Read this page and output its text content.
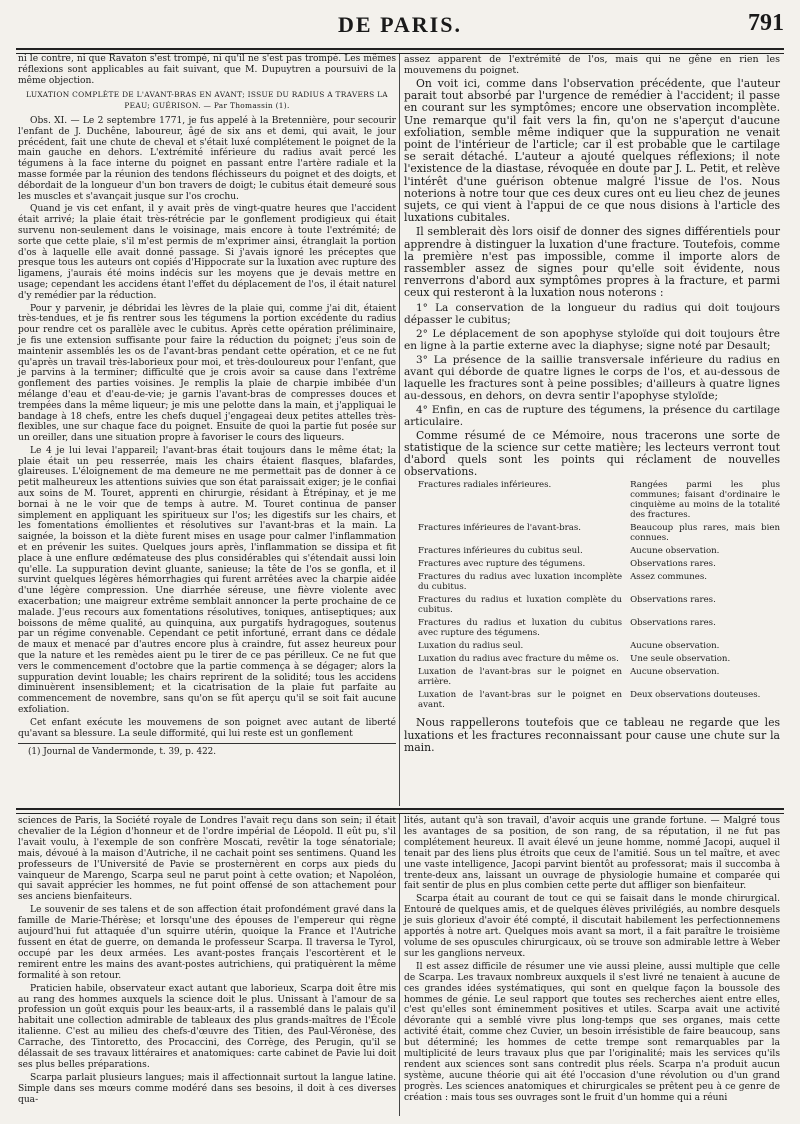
DE PARIS.	791

ni le contre, ni que Ravaton s'est trompé, ni qu'il ne s'est pas trompé. Les mêmes réflexions sont applicables au fait suivant, que M. Dupuytren a poursuivi de la même objection.

LUXATION COMPLÈTE DE L'AVANT-BRAS EN AVANT; ISSUE DU RADIUS A TRAVERS LA PEAU; GUÉRISON. — Par Thomassin (1).

Obs. XI. — Le 2 septembre 1771, je fus appelé à la Bretennière, pour secourir l'enfant de J. Duchêne, laboureur, âgé de six ans et demi, qui avait, le jour précédent, fait une chute de cheval et s'était luxé complétement le poignet de la main gauche en dehors. L'extrémité inférieure du radius avait percé les tégumens à la face interne du poignet en passant entre l'artère radiale et la masse formée par la réunion des tendons fléchisseurs du poignet et des doigts, et débordait de la longueur d'un bon travers de doigt; le cubitus était demeuré sous les muscles et s'avançait jusque sur l'os crochu.

Quand je vis cet enfant, il y avait près de vingt-quatre heures que l'accident était arrivé; la plaie était très-rétrécie par le gonflement prodigieux qui était survenu non-seulement dans le voisinage, mais encore à toute l'extrémité; de sorte que cette plaie, s'il m'est permis de m'exprimer ainsi, étranglait la portion d'os à laquelle elle avait donné passage. Si j'avais ignoré les préceptes que presque tous les auteurs ont copiés d'Hippocrate sur la luxation avec rupture des ligamens, j'aurais été moins indécis sur les moyens que je devais mettre en usage; cependant les accidens étant l'effet du déplacement de l'os, il était naturel d'y remédier par la réduction.

Pour y parvenir, je débridai les lèvres de la plaie qui, comme j'ai dit, étaient très-tendues, et je fis rentrer sous les tégumens la portion excédente du radius pour rendre cet os parallèle avec le cubitus. Après cette opération préliminaire, je fis une extension suffisante pour faire la réduction du poignet; j'eus soin de maintenir assemblés les os de l'avant-bras pendant cette opération, et ce ne fut qu'après un travail très-laborieux pour moi, et très-douloureux pour l'enfant, que je parvins à la terminer; difficulté que je crois avoir sa cause dans l'extrême gonflement des parties voisines. Je remplis la plaie de charpie imbibée d'un mélange d'eau et d'eau-de-vie; je garnis l'avant-bras de compresses douces et trempées dans la même liqueur; je mis une pelotte dans la main, et j'appliquai le bandage à 18 chefs, entre les chefs duquel j'engageai deux petites attelles très-flexibles, une sur chaque face du poignet. Ensuite de quoi la partie fut posée sur un oreiller, dans une situation propre à favoriser le cours des liqueurs.

Le 4 je lui levai l'appareil; l'avant-bras était toujours dans le même état; la plaie était un peu resserrée, mais les chairs étaient flasques, blafardes, glaireuses. L'éloignement de ma demeure ne me permettait pas de donner à ce petit malheureux les attentions suivies que son état paraissait exiger; je le confiai aux soins de M. Touret, apprenti en chirurgie, résidant à Étrépinay, et je me bornai à ne le voir que de temps à autre. M. Touret continua de panser simplement en appliquant les spiritueux sur l'os; les digestifs sur les chairs, et les fomentations émollientes et résolutives sur l'avant-bras et la main. La saignée, la boisson et la diète furent mises en usage pour calmer l'inflammation et en prévenir les suites. Quelques jours après, l'inflammation se dissipa et fit place à une enflure œdémateuse des plus considérables qui s'étendait aussi loin qu'elle. La suppuration devint gluante, sanieuse; la tête de l'os se gonfla, et il survint quelques légères hémorrhagies qui furent arrêtées avec la charpie aidée d'une légère compression. Une diarrhée séreuse, une fièvre violente avec exacerbation; une maigreur extrême semblait annoncer la perte prochaine de ce malade. J'eus recours aux fomentations résolutives, toniques, antiseptiques; aux boissons de même qualité, au quinquina, aux purgatifs hydragogues, soutenus par un régime convenable. Cependant ce petit infortuné, errant dans ce dédale de maux et menacé par d'autres encore plus à craindre, fut assez heureux pour que la nature et les remèdes aient pu le tirer de ce pas périlleux. Ce ne fut que vers le commencement d'octobre que la partie commença à se dégager; alors la suppuration devint louable; les chairs reprirent de la solidité; tous les accidens diminuèrent insensiblement; et la cicatrisation de la plaie fut parfaite au commencement de novembre, sans qu'on se fût aperçu qu'il se soit fait aucune exfoliation.

Cet enfant exécute les mouvemens de son poignet avec autant de liberté qu'avant sa blessure. La seule difformité, qui lui reste est un gonflement

(1) Journal de Vandermonde, t. 39, p. 422.

assez apparent de l'extrémité de l'os, mais qui ne gêne en rien les mouvemens du poignet.

On voit ici, comme dans l'observation précédente, que l'auteur parait tout absorbé par l'urgence de remédier à l'accident; il passe en courant sur les symptômes; encore une observation incomplète. Une remarque qu'il fait vers la fin, qu'on ne s'aperçut d'aucune exfoliation, semble même indiquer que la suppuration ne venait point de l'intérieur de l'article; car il est probable que le cartilage se serait détaché. L'auteur a ajouté quelques réflexions; il note l'existence de la diastase, révoquée en doute par J. L. Petit, et relève l'intérêt d'une guérison obtenue malgré l'issue de l'os. Nous noterions à notre tour que ces deux cures ont eu lieu chez de jeunes sujets, ce qui vient à l'appui de ce que nous disions à l'article des luxations cubitales.

Il semblerait dès lors oisif de donner des signes différentiels pour apprendre à distinguer la luxation d'une fracture. Toutefois, comme la première n'est pas impossible, comme il importe alors de rassembler assez de signes pour qu'elle soit évidente, nous renverrons d'abord aux symptômes propres à la fracture, et parmi ceux qui resteront à la luxation nous noterons :

1° La conservation de la longueur du radius qui doit toujours dépasser le cubitus;

2° Le déplacement de son apophyse styloïde qui doit toujours être en ligne à la partie externe avec la diaphyse; signe noté par Desault;

3° La présence de la saillie transversale inférieure du radius en avant qui déborde de quatre lignes le corps de l'os, et au-dessous de laquelle les fractures sont à peine possibles; d'ailleurs à quatre lignes au-dessous, en dehors, on devra sentir l'apophyse styloïde;

4° Enfin, en cas de rupture des tégumens, la présence du cartilage articulaire.

Comme résumé de ce Mémoire, nous tracerons une sorte de statistique de la science sur cette matière; les lecteurs verront tout d'abord quels sont les points qui réclament de nouvelles observations.

Fractures radiales inférieures.	Rangées parmi les plus communes; faisant d'ordinaire le cinquième au moins de la totalité des fractures.
Fractures inférieures de l'avant-bras.	Beaucoup plus rares, mais bien connues.
Fractures inférieures du cubitus seul.	Aucune observation.
Fractures avec rupture des tégumens.	Observations rares.
Fractures du radius avec luxation incomplète du cubitus.	Assez communes.
Fractures du radius et luxation complète du cubitus.	Observations rares.
Fractures du radius et luxation du cubitus avec rupture des tégumens.	Observations rares.
Luxation du radius seul.	Aucune observation.
Luxation du radius avec fracture du même os.	Une seule observation.
Luxation de l'avant-bras sur le poignet en arrière.	Aucune observation.
Luxation de l'avant-bras sur le poignet en avant.	Deux observations douteuses.

Nous rappellerons toutefois que ce tableau ne regarde que les luxations et les fractures reconnaissant pour cause une chute sur la main.

sciences de Paris, la Société royale de Londres l'avait reçu dans son sein; il était chevalier de la Légion d'honneur et de l'ordre impérial de Léopold. Il eût pu, s'il l'avait voulu, à l'exemple de son confrère Moscati, revêtir la toge sénatoriale; mais, dévoué à la maison d'Autriche, il ne cachait point ses sentimens. Quand les professeurs de l'Université de Pavie se prosternèrent en corps aux pieds du vainqueur de Marengo, Scarpa seul ne parut point à cette ovation; et Napoléon, qui savait apprécier les hommes, ne fut point offensé de son attachement pour ses anciens bienfaiteurs.

Le souvenir de ses talens et de son affection était profondément gravé dans la famille de Marie-Thérèse; et lorsqu'une des épouses de l'empereur qui règne aujourd'hui fut attaquée d'un squirre utérin, quoique la France et l'Autriche fussent en état de guerre, on demanda le professeur Scarpa. Il traversa le Tyrol, occupé par les deux armées. Les avant-postes français l'escortèrent et le remirent entre les mains des avant-postes autrichiens, qui pratiquèrent la même formalité à son retour.

Praticien habile, observateur exact autant que laborieux, Scarpa doit être mis au rang des hommes auxquels la science doit le plus. Unissant à l'amour de sa profession un goût exquis pour les beaux-arts, il a rassemblé dans le palais qu'il habitait une collection admirable de tableaux des plus grands-maîtres de l'École italienne. C'est au milieu des chefs-d'œuvre des Titien, des Paul-Véronèse, des Carrache, des Tintoretto, des Procaccini, des Corrège, des Perugin, qu'il se délassait de ses travaux littéraires et anatomiques: carte cabinet de Pavie lui doit ses plus belles préparations.

Scarpa parlait plusieurs langues; mais il affectionnait surtout la langue latine. Simple dans ses mœurs comme modéré dans ses besoins, il doit à ces diverses qua-

lités, autant qu'à son travail, d'avoir acquis une grande fortune. — Malgré tous les avantages de sa position, de son rang, de sa réputation, il ne fut pas complétement heureux. Il avait élevé un jeune homme, nommé Jacopi, auquel il tenait par des liens plus étroits que ceux de l'amitié. Sous un tel maître, et avec une vaste intelligence, Jacopi parvint bientôt au professorat; mais il succomba à trente-deux ans, laissant un ouvrage de physiologie humaine et comparée qui fait sentir de plus en plus combien cette perte dut affliger son bienfaiteur.

Scarpa était au courant de tout ce qui se faisait dans le monde chirurgical. Entouré de quelques amis, et de quelques élèves privilégiés, au nombre desquels je suis glorieux d'avoir été compté, il discutait habilement les perfectionnemens apportés à notre art. Quelques mois avant sa mort, il a fait paraître le troisième volume de ses opuscules chirurgicaux, où se trouve son admirable lettre à Weber sur les ganglions nerveux.

Il est assez difficile de résumer une vie aussi pleine, aussi multiple que celle de Scarpa. Les travaux nombreux auxquels il s'est livré ne tenaient à aucune de ces grandes idées systématiques, qui sont en quelque façon la boussole des hommes de génie. Le seul rapport que toutes ses recherches aient entre elles, c'est qu'elles sont éminemment positives et utiles. Scarpa avait une activité dévorante qui a semblé vivre plus long-temps que ses organes, mais cette activité était, comme chez Cuvier, un besoin irrésistible de faire beaucoup, sans but déterminé; les hommes de cette trempe sont remarquables par la multiplicité de leurs travaux plus que par l'originalité; mais les services qu'ils rendent aux sciences sont sans contredit plus réels. Scarpa n'a produit aucun système, aucune théorie qui ait été l'occasion d'une révolution ou d'un grand progrès. Les sciences anatomiques et chirurgicales se prêtent peu à ce genre de création : mais tous ses ouvrages sont le fruit d'un homme qui a réuni
